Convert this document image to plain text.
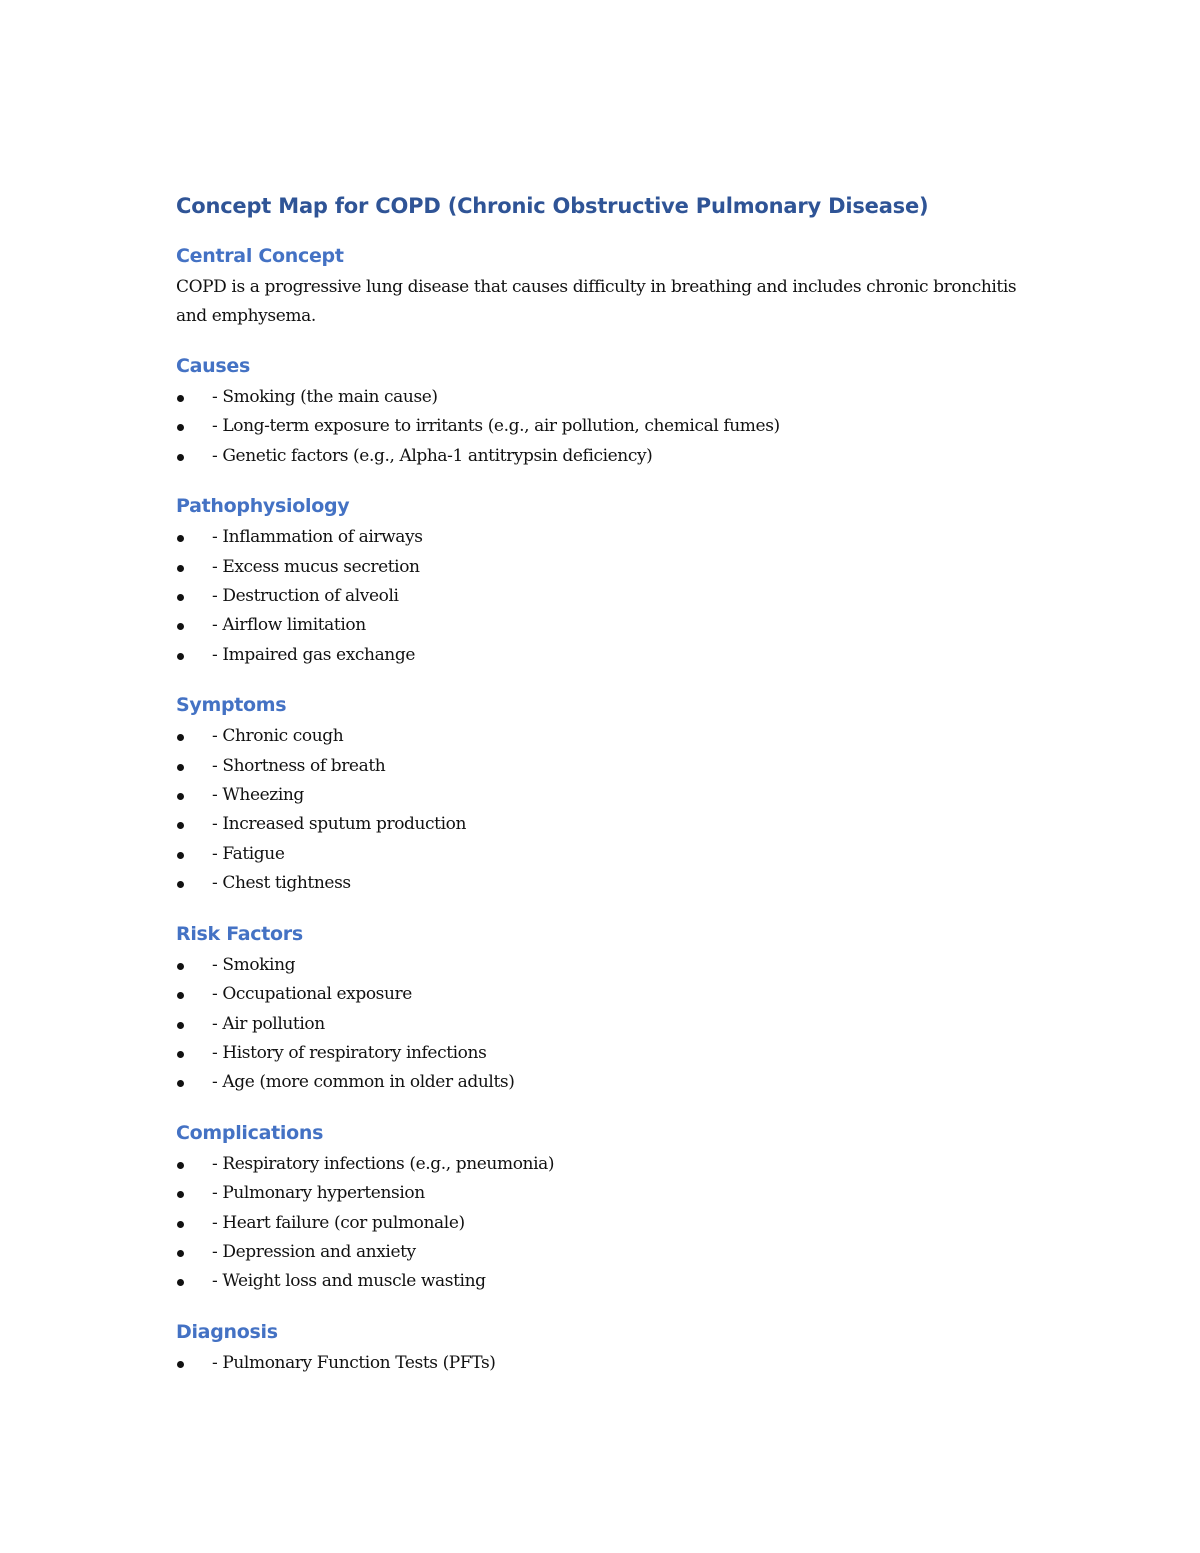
Concept Map for COPD (Chronic Obstructive Pulmonary Disease)
Central Concept
COPD is a progressive lung disease that causes difficulty in breathing and includes chronic bronchitis and emphysema.
Causes
- Smoking (the main cause)
- Long-term exposure to irritants (e.g., air pollution, chemical fumes)
- Genetic factors (e.g., Alpha-1 antitrypsin deficiency)
Pathophysiology
- Inflammation of airways
- Excess mucus secretion
- Destruction of alveoli
- Airflow limitation
- Impaired gas exchange
Symptoms
- Chronic cough
- Shortness of breath
- Wheezing
- Increased sputum production
- Fatigue
- Chest tightness
Risk Factors
- Smoking
- Occupational exposure
- Air pollution
- History of respiratory infections
- Age (more common in older adults)
Complications
- Respiratory infections (e.g., pneumonia)
- Pulmonary hypertension
- Heart failure (cor pulmonale)
- Depression and anxiety
- Weight loss and muscle wasting
Diagnosis
- Pulmonary Function Tests (PFTs)
